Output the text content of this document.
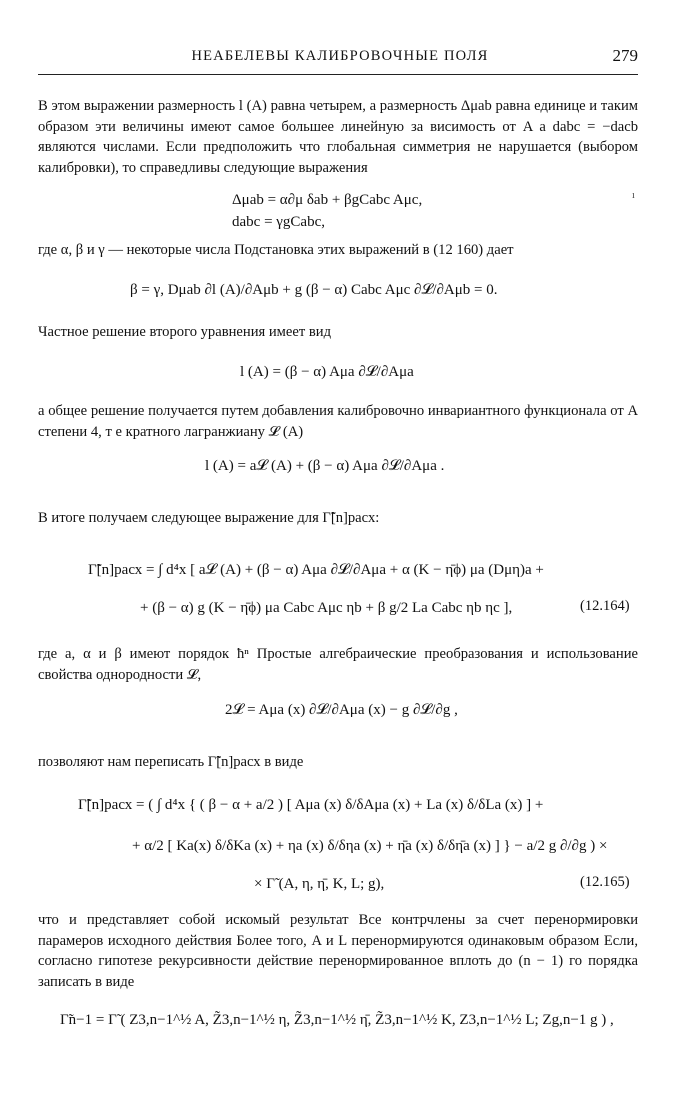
НЕАБЕЛЕВЫ КАЛИБРОВОЧНЫЕ ПОЛЯ	279
В этом выражении размерность l (A) равна четырем, а размерность Δμab равна единице и таким образом эти величины имеют самое большее линейную за висимость от A а dabc = −dacb являются числами. Если предположить что глобальная симметрия не нарушается (выбором калибровки), то справедливы следующие выражения
Δμab = α∂μ δab + βgCabc Aμc,
dabc = γgCabc,
ı
где α, β и γ — некоторые числа Подстановка этих выражений в (12 160) дает
β = γ, Dμab ∂l (A)/∂Aμb + g (β − α) Cabc Aμc ∂𝓛/∂Aμb = 0.
Частное решение второго уравнения имеет вид
l (A) = (β − α) Aμa ∂𝓛/∂Aμa
а общее решение получается путем добавления калибровочно инвариантного функционала от A степени 4, т е кратного лагранжиану 𝓛 (A)
l (A) = a𝓛 (A) + (β − α) Aμa ∂𝓛/∂Aμa .
В итоге получаем следующее выражение для Γ̃[n]расх:
Γ̃[n]расх = ∫ d⁴x [ a𝓛 (A) + (β − α) Aμa ∂𝓛/∂Aμa + α (K − η̄ϕ) μa (Dμη)a +
+ (β − α) g (K − η̄ϕ) μa Cabc Aμc ηb + β g/2 La Cabc ηb ηc ],	(12.164)
где a, α и β имеют порядок ħⁿ Простые алгебраические преобразования и использование свойства однородности 𝓛,
2𝓛 = Aμa (x) ∂𝓛/∂Aμa (x) − g ∂𝓛/∂g ,
позволяют нам переписать Γ̃[n]расх в виде
Γ̃[n]расх = ( ∫ d⁴x { ( β − α + a/2 ) [ Aμa (x) δ/δAμa (x) + La (x) δ/δLa (x) ] +
+ α/2 [ Ka(x) δ/δKa (x) + ηa (x) δ/δηa (x) + η̄a (x) δ/δη̄a (x) ] } − a/2 g ∂/∂g ) ×
× Γ̃ (A, η, η̄, K, L; g),	(12.165)
что и представляет собой искомый результат Все контрчлены за счет перенормировки парамеров исходного действия Более того, A и L перенормируются одинаковым образом Если, согласно гипотезе рекурсивности действие перенормированное вплоть до (n − 1) го порядка записать в виде
Γ̃n−1 = Γ̃ ( Z3,n−1^½ A, Z̃3,n−1^½ η, Z̃3,n−1^½ η̄, Z̃3,n−1^½ K, Z3,n−1^½ L; Zg,n−1 g ) ,
